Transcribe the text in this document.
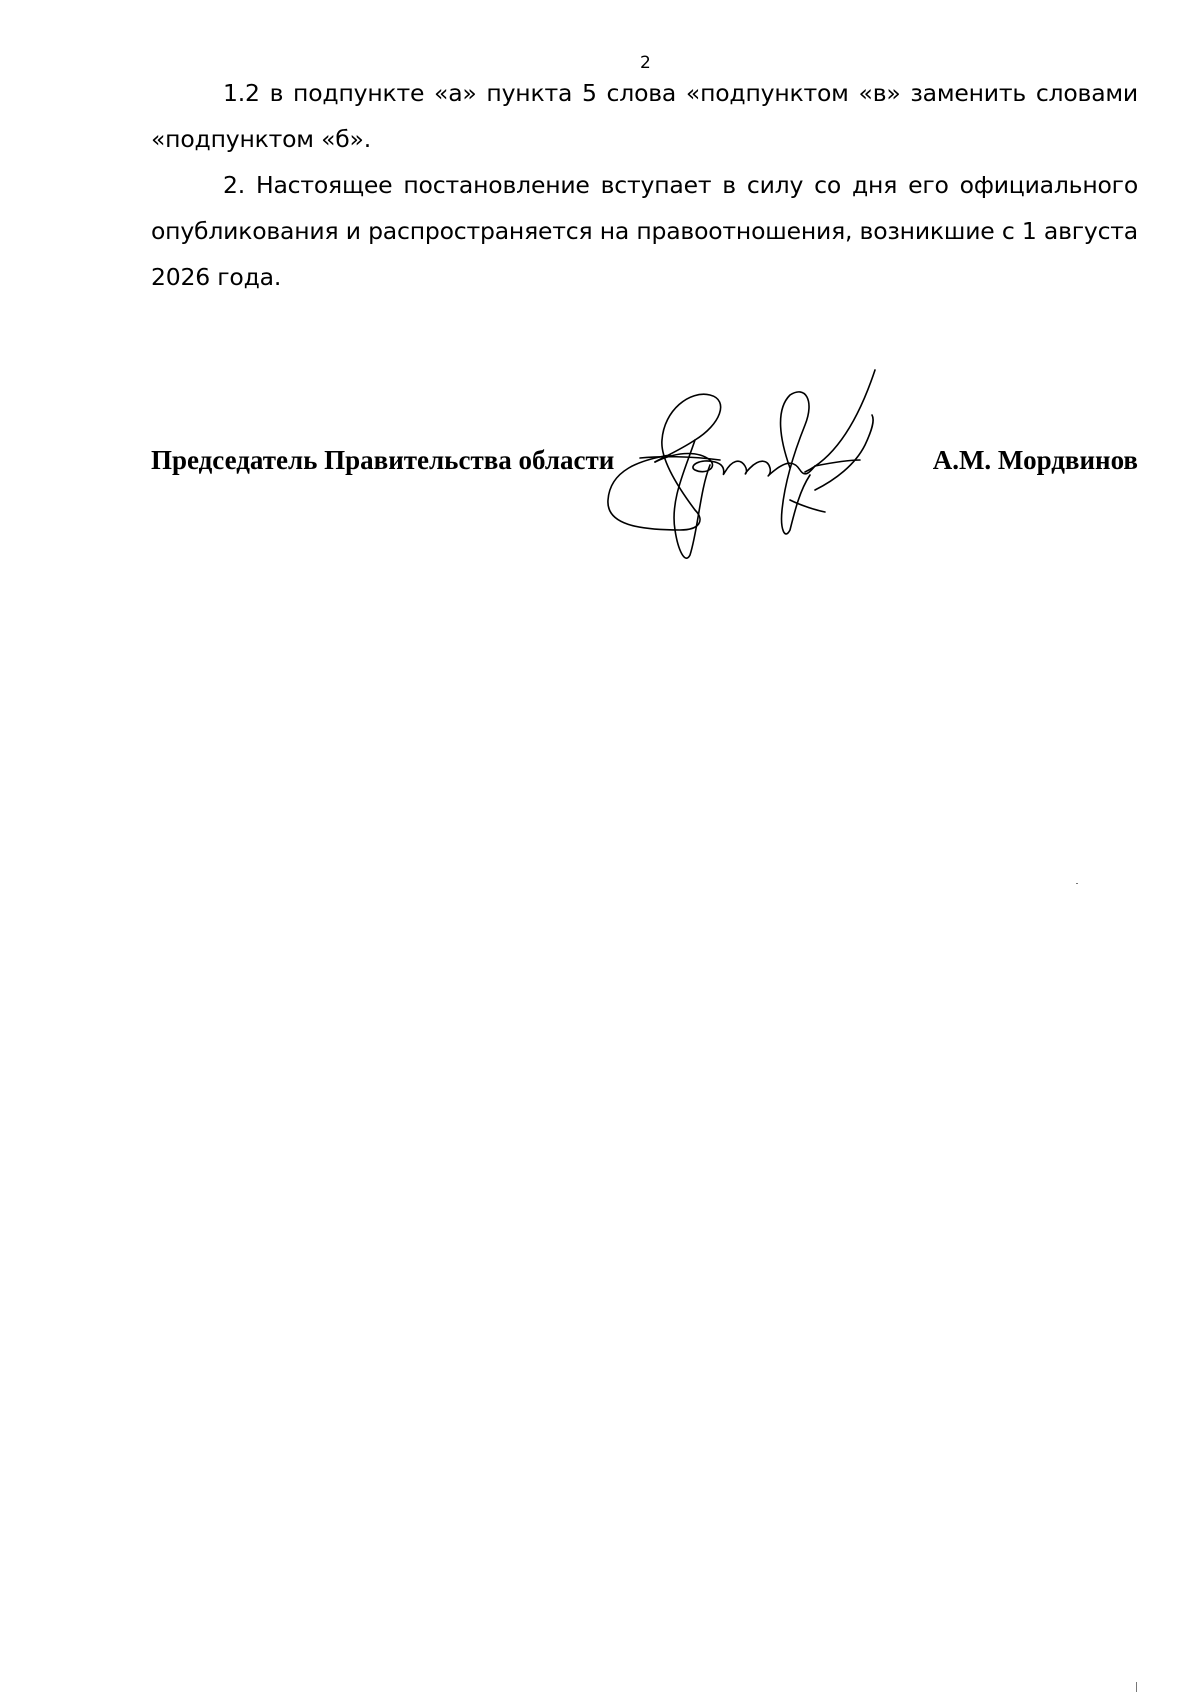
2

1.2 в подпункте «а» пункта 5 слова «подпунктом «в» заменить словами «подпунктом «б».

2. Настоящее постановление вступает в силу со дня его официального опубликования и распространяется на правоотношения, возникшие с 1 августа 2026 года.

Председатель Правительства области	А.М. Мордвинов
